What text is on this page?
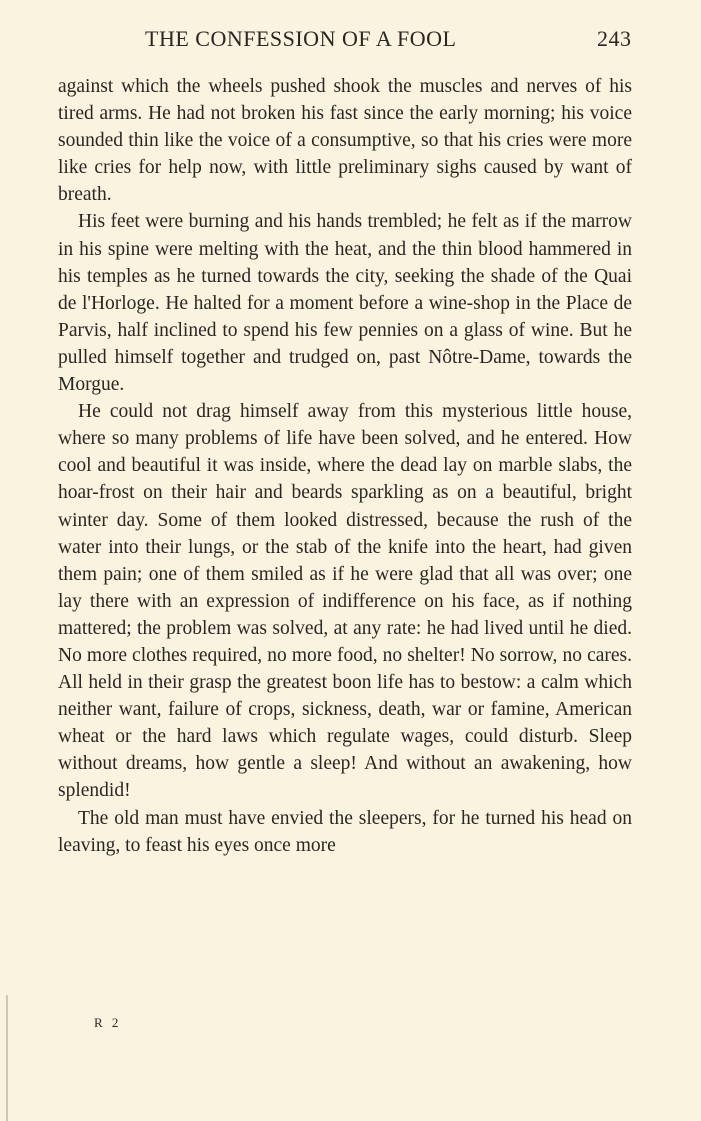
THE CONFESSION OF A FOOL	243

against which the wheels pushed shook the muscles and nerves of his tired arms. He had not broken his fast since the early morning; his voice sounded thin like the voice of a consumptive, so that his cries were more like cries for help now, with little preliminary sighs caused by want of breath.

His feet were burning and his hands trembled; he felt as if the marrow in his spine were melting with the heat, and the thin blood hammered in his temples as he turned towards the city, seeking the shade of the Quai de l'Horloge. He halted for a moment before a wine-shop in the Place de Parvis, half inclined to spend his few pennies on a glass of wine. But he pulled himself together and trudged on, past Nôtre-Dame, towards the Morgue.

He could not drag himself away from this mysterious little house, where so many problems of life have been solved, and he entered. How cool and beautiful it was inside, where the dead lay on marble slabs, the hoar-frost on their hair and beards sparkling as on a beautiful, bright winter day. Some of them looked distressed, because the rush of the water into their lungs, or the stab of the knife into the heart, had given them pain; one of them smiled as if he were glad that all was over; one lay there with an expression of indifference on his face, as if nothing mattered; the problem was solved, at any rate: he had lived until he died. No more clothes required, no more food, no shelter! No sorrow, no cares. All held in their grasp the greatest boon life has to bestow: a calm which neither want, failure of crops, sickness, death, war or famine, American wheat or the hard laws which regulate wages, could disturb. Sleep without dreams, how gentle a sleep! And without an awakening, how splendid!

The old man must have envied the sleepers, for he turned his head on leaving, to feast his eyes once more

R 2
